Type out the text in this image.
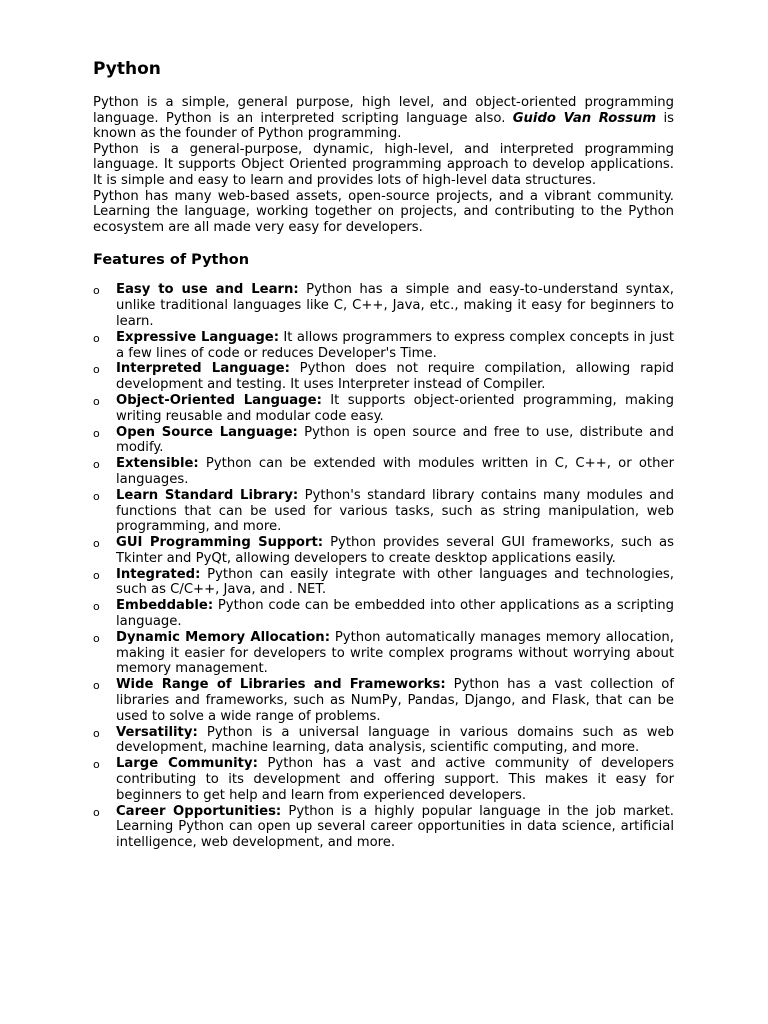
Python

Python is a simple, general purpose, high level, and object-oriented programming language. Python is an interpreted scripting language also. Guido Van Rossum is known as the founder of Python programming.

Python is a general-purpose, dynamic, high-level, and interpreted programming language. It supports Object Oriented programming approach to develop applications. It is simple and easy to learn and provides lots of high-level data structures.

Python has many web-based assets, open-source projects, and a vibrant community. Learning the language, working together on projects, and contributing to the Python ecosystem are all made very easy for developers.

Features of Python
o Easy to use and Learn: Python has a simple and easy-to-understand syntax, unlike traditional languages like C, C++, Java, etc., making it easy for beginners to learn.
o Expressive Language: It allows programmers to express complex concepts in just a few lines of code or reduces Developer's Time.
o Interpreted Language: Python does not require compilation, allowing rapid development and testing. It uses Interpreter instead of Compiler.
o Object-Oriented Language: It supports object-oriented programming, making writing reusable and modular code easy.
o Open Source Language: Python is open source and free to use, distribute and modify.
o Extensible: Python can be extended with modules written in C, C++, or other languages.
o Learn Standard Library: Python's standard library contains many modules and functions that can be used for various tasks, such as string manipulation, web programming, and more.
o GUI Programming Support: Python provides several GUI frameworks, such as Tkinter and PyQt, allowing developers to create desktop applications easily.
o Integrated: Python can easily integrate with other languages and technologies, such as C/C++, Java, and . NET.
o Embeddable: Python code can be embedded into other applications as a scripting language.
o Dynamic Memory Allocation: Python automatically manages memory allocation, making it easier for developers to write complex programs without worrying about memory management.
o Wide Range of Libraries and Frameworks: Python has a vast collection of libraries and frameworks, such as NumPy, Pandas, Django, and Flask, that can be used to solve a wide range of problems.
o Versatility: Python is a universal language in various domains such as web development, machine learning, data analysis, scientific computing, and more.
o Large Community: Python has a vast and active community of developers contributing to its development and offering support. This makes it easy for beginners to get help and learn from experienced developers.
o Career Opportunities: Python is a highly popular language in the job market. Learning Python can open up several career opportunities in data science, artificial intelligence, web development, and more.
